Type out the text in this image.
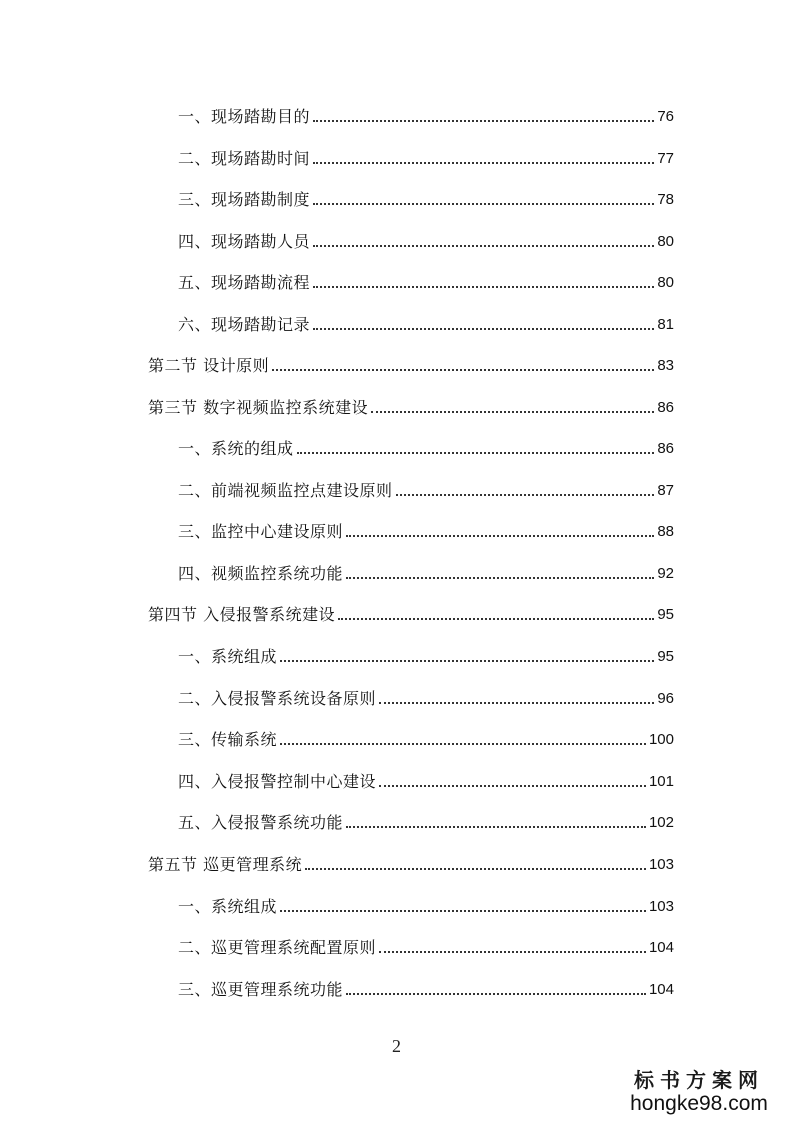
一、现场踏勘目的	76
二、现场踏勘时间	77
三、现场踏勘制度	78
四、现场踏勘人员	80
五、现场踏勘流程	80
六、现场踏勘记录	81
第二节 设计原则	83
第三节 数字视频监控系统建设	86
一、系统的组成	86
二、前端视频监控点建设原则	87
三、监控中心建设原则	88
四、视频监控系统功能	92
第四节 入侵报警系统建设	95
一、系统组成	95
二、入侵报警系统设备原则	96
三、传输系统	100
四、入侵报警控制中心建设	101
五、入侵报警系统功能	102
第五节 巡更管理系统	103
一、系统组成	103
二、巡更管理系统配置原则	104
三、巡更管理系统功能	104
2
标书方案网
hongke98.com
